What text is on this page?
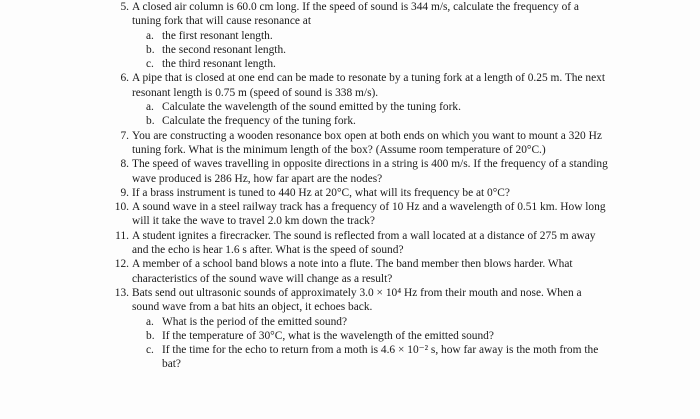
5. A closed air column is 60.0 cm long. If the speed of sound is 344 m/s, calculate the frequency of a tuning fork that will cause resonance at
a. the first resonant length.
b. the second resonant length.
c. the third resonant length.
6. A pipe that is closed at one end can be made to resonate by a tuning fork at a length of 0.25 m. The next resonant length is 0.75 m (speed of sound is 338 m/s).
a. Calculate the wavelength of the sound emitted by the tuning fork.
b. Calculate the frequency of the tuning fork.
7. You are constructing a wooden resonance box open at both ends on which you want to mount a 320 Hz tuning fork. What is the minimum length of the box? (Assume room temperature of 20°C.)
8. The speed of waves travelling in opposite directions in a string is 400 m/s. If the frequency of a standing wave produced is 286 Hz, how far apart are the nodes?
9. If a brass instrument is tuned to 440 Hz at 20°C, what will its frequency be at 0°C?
10. A sound wave in a steel railway track has a frequency of 10 Hz and a wavelength of 0.51 km. How long will it take the wave to travel 2.0 km down the track?
11. A student ignites a firecracker. The sound is reflected from a wall located at a distance of 275 m away and the echo is hear 1.6 s after. What is the speed of sound?
12. A member of a school band blows a note into a flute. The band member then blows harder. What characteristics of the sound wave will change as a result?
13. Bats send out ultrasonic sounds of approximately 3.0 × 10⁴ Hz from their mouth and nose. When a sound wave from a bat hits an object, it echoes back.
a. What is the period of the emitted sound?
b. If the temperature of 30°C, what is the wavelength of the emitted sound?
c. If the time for the echo to return from a moth is 4.6 × 10⁻² s, how far away is the moth from the bat?
